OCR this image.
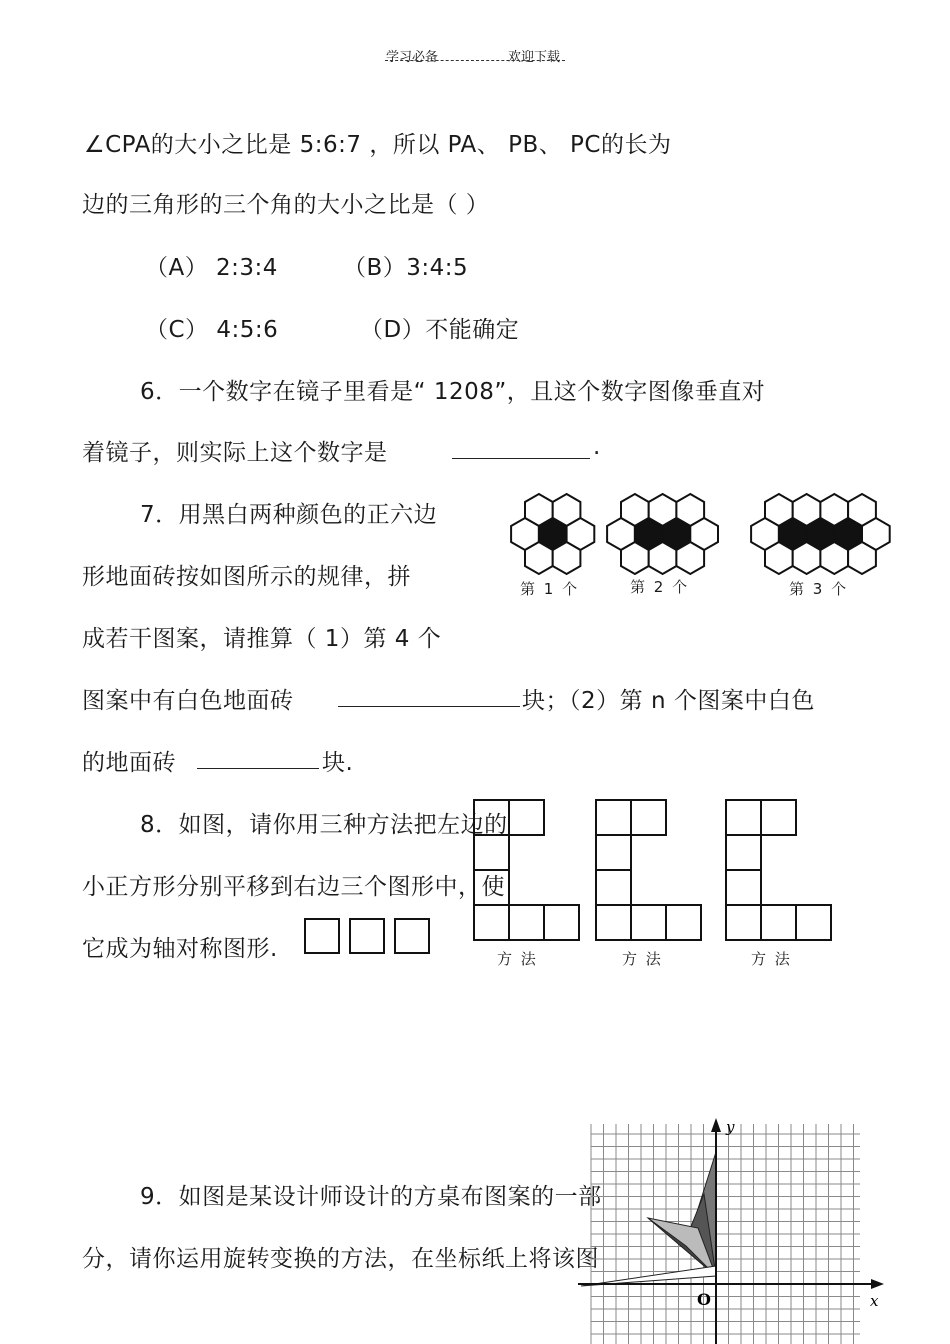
学习必备	欢迎下载
∠CPA的大小之比是 5:6:7 ，所以 PA、 PB、 PC的长为
边的三角形的三个角的大小之比是（ ）
（A） 2:3:4	（B）3:4:5
（C） 4:5:6	（D）不能确定
6．一个数字在镜子里看是“ 1208”，且这个数字图像垂直对
着镜子，则实际上这个数字是	.
7．用黑白两种颜色的正六边
形地面砖按如图所示的规律，拼
成若干图案，请推算（ 1）第 4 个
图案中有白色地面砖	块；（2）第 n 个图案中白色
的地面砖	块.
第 1 个	第 2 个	第 3 个
8．如图，请你用三种方法把左边的
小正方形分别平移到右边三个图形中，使
它成为轴对称图形.	方 法	方 法	方 法
9．如图是某设计师设计的方桌布图案的一部
分，请你运用旋转变换的方法，在坐标纸上将该图
y
x
O
